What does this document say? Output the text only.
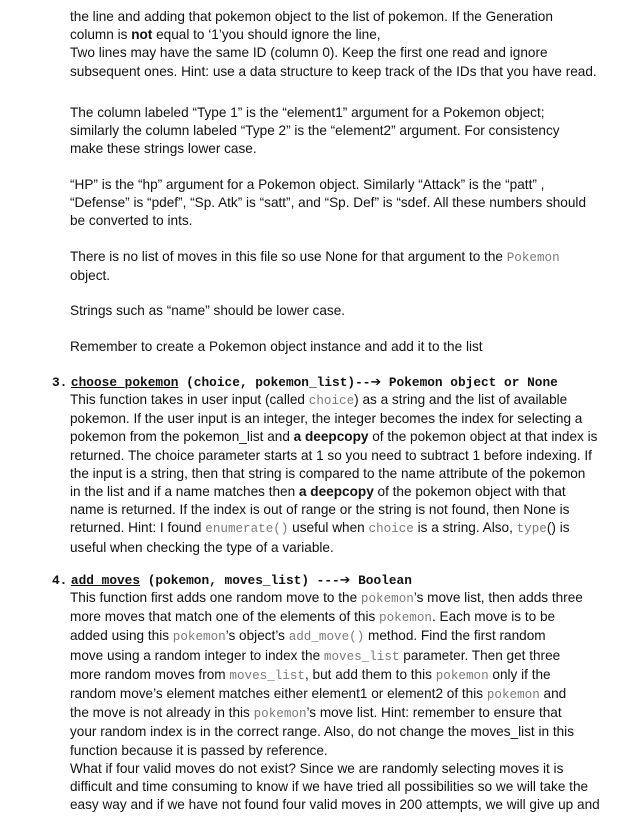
the line and adding that pokemon object to the list of pokemon. If the Generation
column is not equal to ‘1’you should ignore the line,
Two lines may have the same ID (column 0). Keep the first one read and ignore
subsequent ones. Hint: use a data structure to keep track of the IDs that you have read.
The column labeled “Type 1” is the “element1” argument for a Pokemon object;
similarly the column labeled “Type 2” is the “element2” argument. For consistency
make these strings lower case.
“HP” is the “hp” argument for a Pokemon object. Similarly “Attack” is the “patt” ,
“Defense” is “pdef”, “Sp. Atk” is “satt”, and “Sp. Def” is “sdef. All these numbers should
be converted to ints.
There is no list of moves in this file so use None for that argument to the Pokemon
object.
Strings such as “name” should be lower case.
Remember to create a Pokemon object instance and add it to the list
3. choose_pokemon (choice, pokemon_list)--➔ Pokemon object or None
This function takes in user input (called choice) as a string and the list of available
pokemon. If the user input is an integer, the integer becomes the index for selecting a
pokemon from the pokemon_list and a deepcopy of the pokemon object at that index is
returned. The choice parameter starts at 1 so you need to subtract 1 before indexing. If
the input is a string, then that string is compared to the name attribute of the pokemon
in the list and if a name matches then a deepcopy of the pokemon object with that
name is returned. If the index is out of range or the string is not found, then None is
returned. Hint: I found enumerate() useful when choice is a string. Also, type() is
useful when checking the type of a variable.
4. add_moves (pokemon, moves_list) ---➔ Boolean
This function first adds one random move to the pokemon’s move list, then adds three
more moves that match one of the elements of this pokemon. Each move is to be
added using this pokemon’s object’s add_move() method. Find the first random
move using a random integer to index the moves_list parameter. Then get three
more random moves from moves_list, but add them to this pokemon only if the
random move’s element matches either element1 or element2 of this pokemon and
the move is not already in this pokemon’s move list. Hint: remember to ensure that
your random index is in the correct range. Also, do not change the moves_list in this
function because it is passed by reference.
What if four valid moves do not exist? Since we are randomly selecting moves it is
difficult and time consuming to know if we have tried all possibilities so we will take the
easy way and if we have not found four valid moves in 200 attempts, we will give up and
